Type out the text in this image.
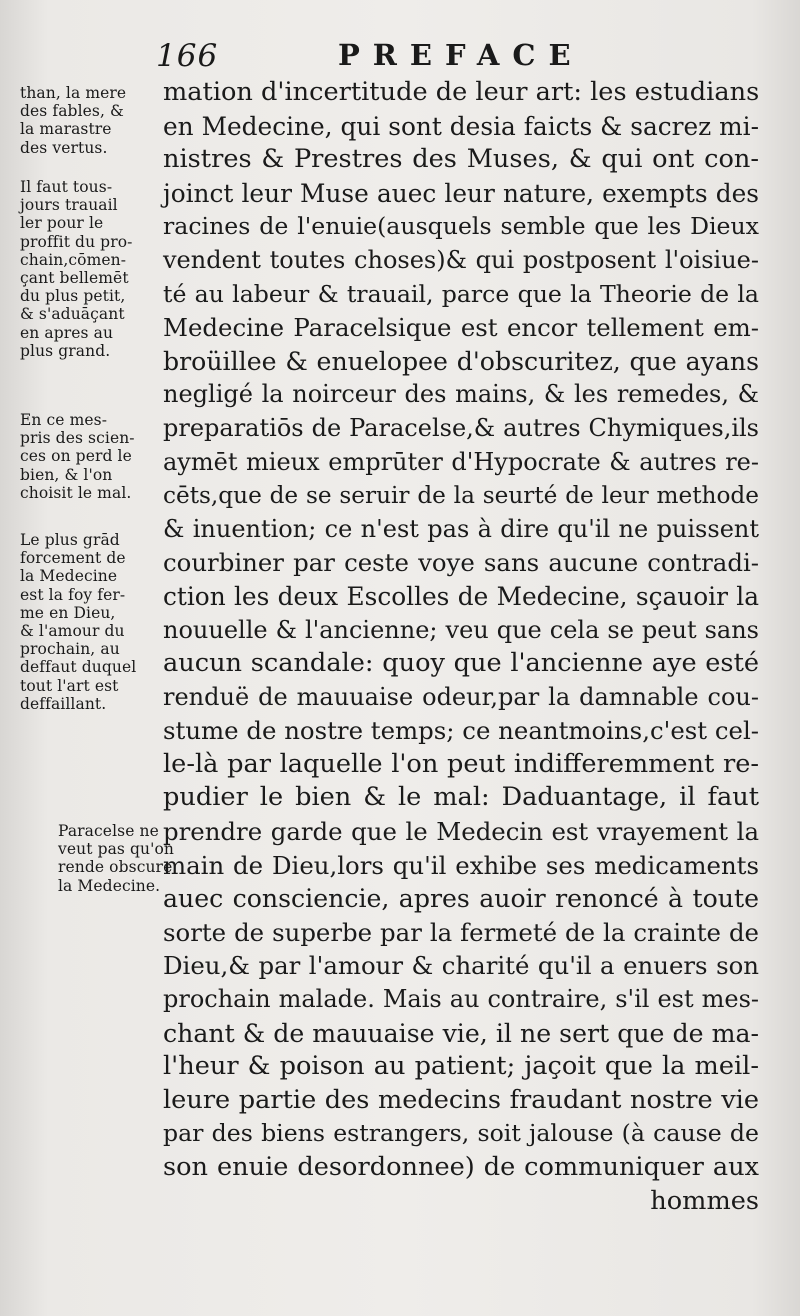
166	PREFACE

than, la mere
des fables, &
la marastre
des vertus.

Il faut tous-
jours trauail
ler pour le
proffit du pro-
chain,cōmen-
çant bellemēt
du plus petit,
& s'aduāçant
en apres au
plus grand.

En ce mes-
pris des scien-
ces on perd le
bien, & l'on
choisit le mal.

Le plus grād
forcement de
la Medecine
est la foy fer-
me en Dieu,
& l'amour du
prochain, au
deffaut duquel
tout l'art est
deffaillant.

Paracelse ne
veut pas qu'on
rende obscure
la Medecine.

mation d'incertitude de leur art: les estudians
en Medecine, qui sont desia faicts & sacrez mi-
nistres & Prestres des Muses, & qui ont con-
joinct leur Muse auec leur nature, exempts des
racines de l'enuie(ausquels semble que les Dieux
vendent toutes choses)& qui postposent l'oisiue-
té au labeur & trauail, parce que la Theorie de la
Medecine Paracelsique est encor tellement em-
broüillee & enuelopee d'obscuritez, que ayans
negligé la noirceur des mains, & les remedes, &
preparatiōs de Paracelse,& autres Chymiques,ils
aymēt mieux emprūter d'Hypocrate & autres re-
cēts,que de se seruir de la seurté de leur methode
& inuention; ce n'est pas à dire qu'il ne puissent
courbiner par ceste voye sans aucune contradi-
ction les deux Escolles de Medecine, sçauoir la
nouuelle & l'ancienne; veu que cela se peut sans
aucun scandale: quoy que l'ancienne aye esté
renduë de mauuaise odeur,par la damnable cou-
stume de nostre temps; ce neantmoins,c'est cel-
le-là par laquelle l'on peut indifferemment re-
pudier le bien & le mal: Daduantage, il faut
prendre garde que le Medecin est vrayement la
main de Dieu,lors qu'il exhibe ses medicaments
auec consciencie, apres auoir renoncé à toute
sorte de superbe par la fermeté de la crainte de
Dieu,& par l'amour & charité qu'il a enuers son
prochain malade. Mais au contraire, s'il est mes-
chant & de mauuaise vie, il ne sert que de ma-
l'heur & poison au patient; jaçoit que la meil-
leure partie des medecins fraudant nostre vie
par des biens estrangers, soit jalouse (à cause de
son enuie desordonnee) de communiquer aux
hommes
